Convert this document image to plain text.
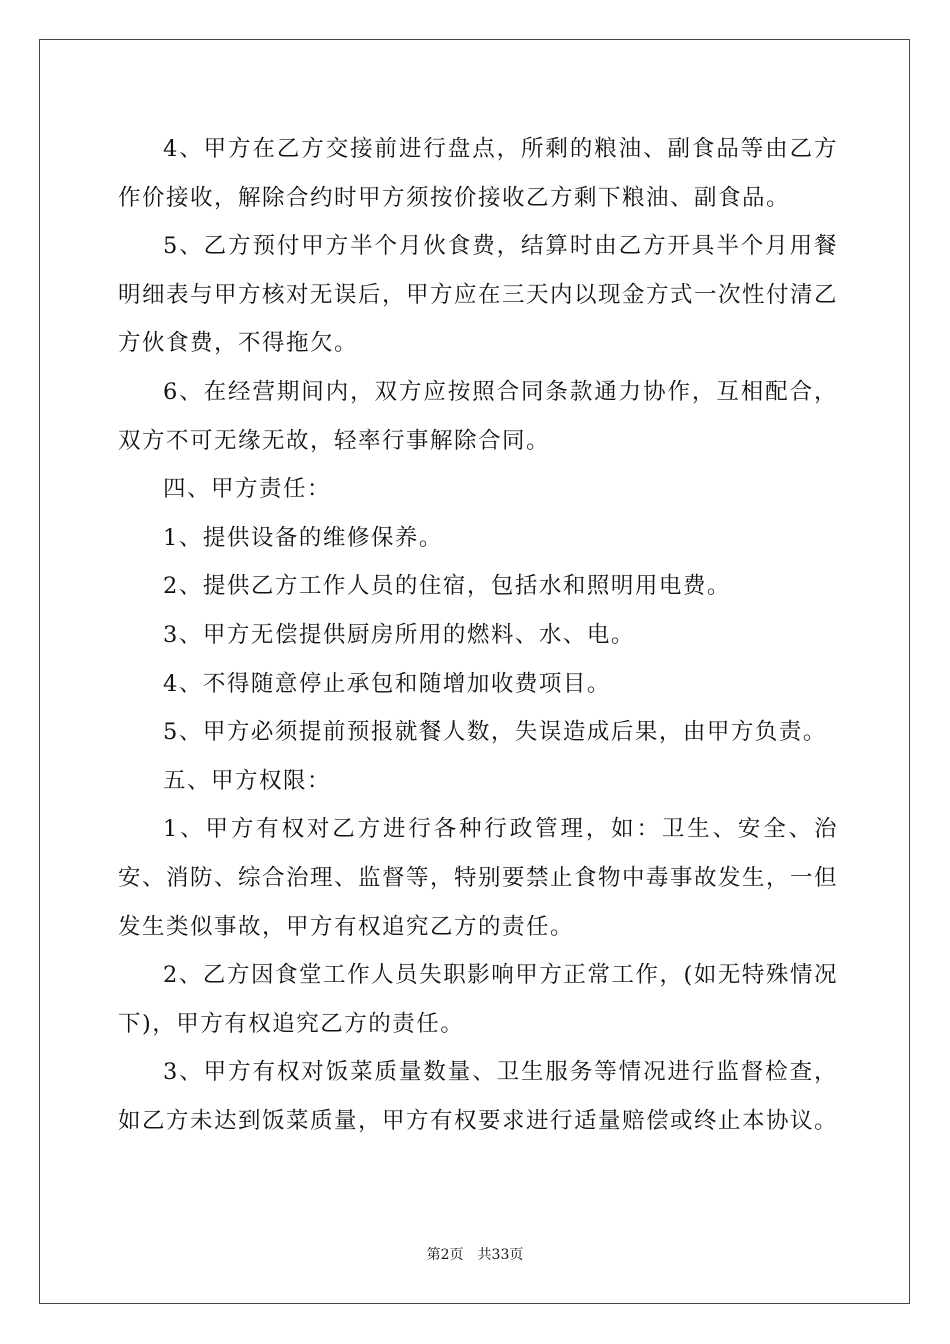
4、甲方在乙方交接前进行盘点，所剩的粮油、副食品等由乙方作价接收，解除合约时甲方须按价接收乙方剩下粮油、副食品。

5、乙方预付甲方半个月伙食费，结算时由乙方开具半个月用餐明细表与甲方核对无误后，甲方应在三天内以现金方式一次性付清乙方伙食费，不得拖欠。

6、在经营期间内，双方应按照合同条款通力协作，互相配合，双方不可无缘无故，轻率行事解除合同。

四、甲方责任：

1、提供设备的维修保养。

2、提供乙方工作人员的住宿，包括水和照明用电费。

3、甲方无偿提供厨房所用的燃料、水、电。

4、不得随意停止承包和随增加收费项目。

5、甲方必须提前预报就餐人数，失误造成后果，由甲方负责。

五、甲方权限：

1、甲方有权对乙方进行各种行政管理，如：卫生、安全、治安、消防、综合治理、监督等，特别要禁止食物中毒事故发生，一但发生类似事故，甲方有权追究乙方的责任。

2、乙方因食堂工作人员失职影响甲方正常工作，(如无特殊情况下)，甲方有权追究乙方的责任。

3、甲方有权对饭菜质量数量、卫生服务等情况进行监督检查，如乙方未达到饭菜质量，甲方有权要求进行适量赔偿或终止本协议。

第2页 共33页
